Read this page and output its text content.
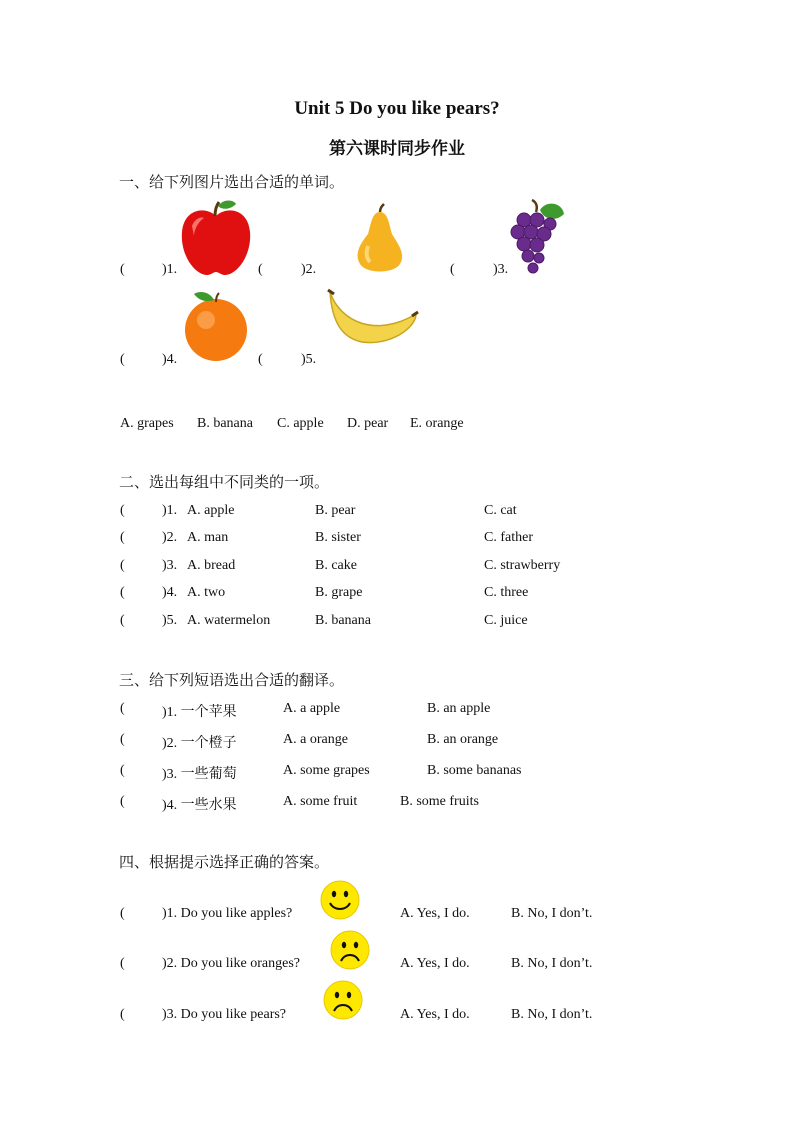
Unit 5 Do you like pears?
第六课时同步作业
一、给下列图片选出合适的单词。
(	)1.	(	)2.	(	)3.
(	)4.	(	)5.
A. grapes B. banana C. apple D. pear E. orange
二、选出每组中不同类的一项。
(	)1. A. apple	B. pear	C. cat
(	)2. A. man	B. sister	C. father
(	)3. A. bread	B. cake	C. strawberry
(	)4. A. two	B. grape	C. three
(	)5. A. watermelon	B. banana	C. juice
三、给下列短语选出合适的翻译。
(	)1. 一个苹果	A. a apple	B. an apple
(	)2. 一个橙子	A. a orange	B. an orange
(	)3. 一些葡萄	A. some grapes	B. some bananas
(	)4. 一些水果	A. some fruit	B. some fruits
四、根据提示选择正确的答案。
(	)1. Do you like apples?	A. Yes, I do.	B. No, I don’t.
(	)2. Do you like oranges?	A. Yes, I do.	B. No, I don’t.
(	)3. Do you like pears?	A. Yes, I do.	B. No, I don’t.
